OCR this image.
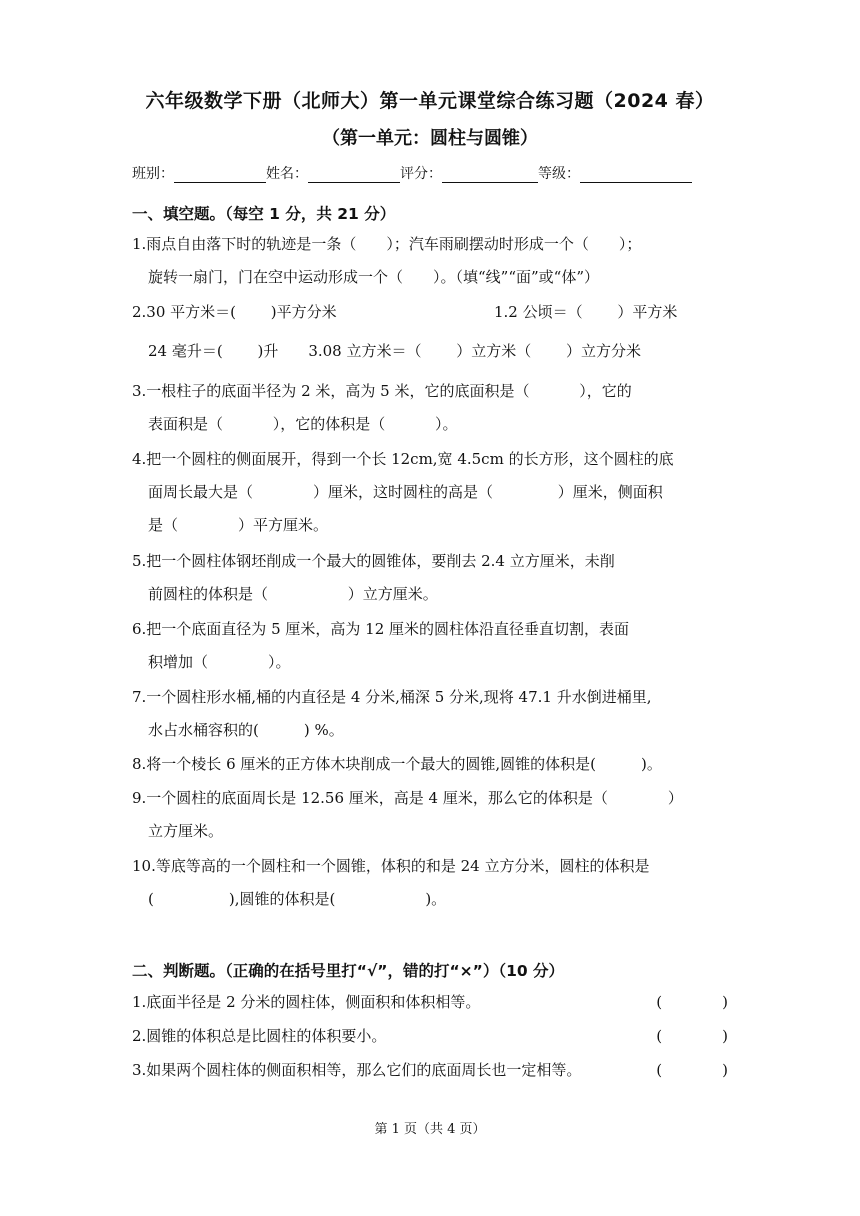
六年级数学下册（北师大）第一单元课堂综合练习题（2024 春）
（第一单元：圆柱与圆锥）
班别：	姓名：	评分：	等级：
一、填空题。（每空 1 分，共 21 分）
1.雨点自由落下时的轨迹是一条（　　）；汽车雨刷摆动时形成一个（　　）；
旋转一扇门，门在空中运动形成一个（　　）。（填“线”“面”或“体”）
2.30 平方米＝(　　 )平方分米	1.2 公顷＝（　　 ）平方米
24 毫升＝(　　 )升　　3.08 立方米＝（　　 ）立方米（　　 ）立方分米
3.一根柱子的底面半径为 2 米，高为 5 米，它的底面积是（　　　 ），它的
表面积是（　　　 ），它的体积是（　　　 ）。
4.把一个圆柱的侧面展开，得到一个长 12cm,宽 4.5cm 的长方形，这个圆柱的底
面周长最大是（　　　　）厘米，这时圆柱的高是（　　　　 ）厘米，侧面积
是（　　　　）平方厘米。
5.把一个圆柱体钢坯削成一个最大的圆锥体，要削去 2.4 立方厘米，未削
前圆柱的体积是（　　　　　 ）立方厘米。
6.把一个底面直径为 5 厘米，高为 12 厘米的圆柱体沿直径垂直切割，表面
积增加（　　　　）。
7.一个圆柱形水桶,桶的内直径是 4 分米,桶深 5 分米,现将 47.1 升水倒进桶里,
水占水桶容积的(　　　) %。
8.将一个棱长 6 厘米的正方体木块削成一个最大的圆锥,圆锥的体积是(　　　)。
9.一个圆柱的底面周长是 12.56 厘米，高是 4 厘米，那么它的体积是（　　　　）
立方厘米。
10.等底等高的一个圆柱和一个圆锥，体积的和是 24 立方分米，圆柱的体积是
(　　　　　),圆锥的体积是(　　　　　　)。
二、判断题。（正确的在括号里打“√”，错的打“×”）（10 分）
1.底面半径是 2 分米的圆柱体，侧面积和体积相等。	(　　　　)
2.圆锥的体积总是比圆柱的体积要小。	(　　　　)
3.如果两个圆柱体的侧面积相等，那么它们的底面周长也一定相等。	(　　　　)
第 1 页（共 4 页）
